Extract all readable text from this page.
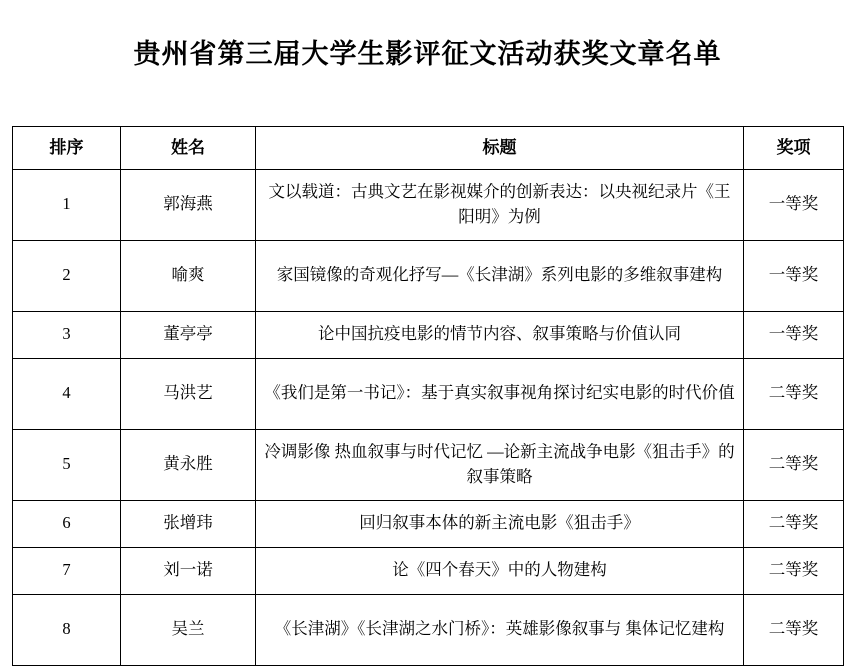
贵州省第三届大学生影评征文活动获奖文章名单
排序	姓名	标题	奖项
1	郭海燕	文以载道：古典文艺在影视媒介的创新表达：以央视纪录片《王阳明》为例	一等奖
2	喻爽	家国镜像的奇观化抒写—《长津湖》系列电影的多维叙事建构	一等奖
3	董亭亭	论中国抗疫电影的情节内容、叙事策略与价值认同	一等奖
4	马洪艺	《我们是第一书记》：基于真实叙事视角探讨纪实电影的时代价值	二等奖
5	黄永胜	冷调影像 热血叙事与时代记忆 —论新主流战争电影《狙击手》的叙事策略	二等奖
6	张增玮	回归叙事本体的新主流电影《狙击手》	二等奖
7	刘一诺	论《四个春天》中的人物建构	二等奖
8	吴兰	《长津湖》《长津湖之水门桥》：英雄影像叙事与 集体记忆建构	二等奖
